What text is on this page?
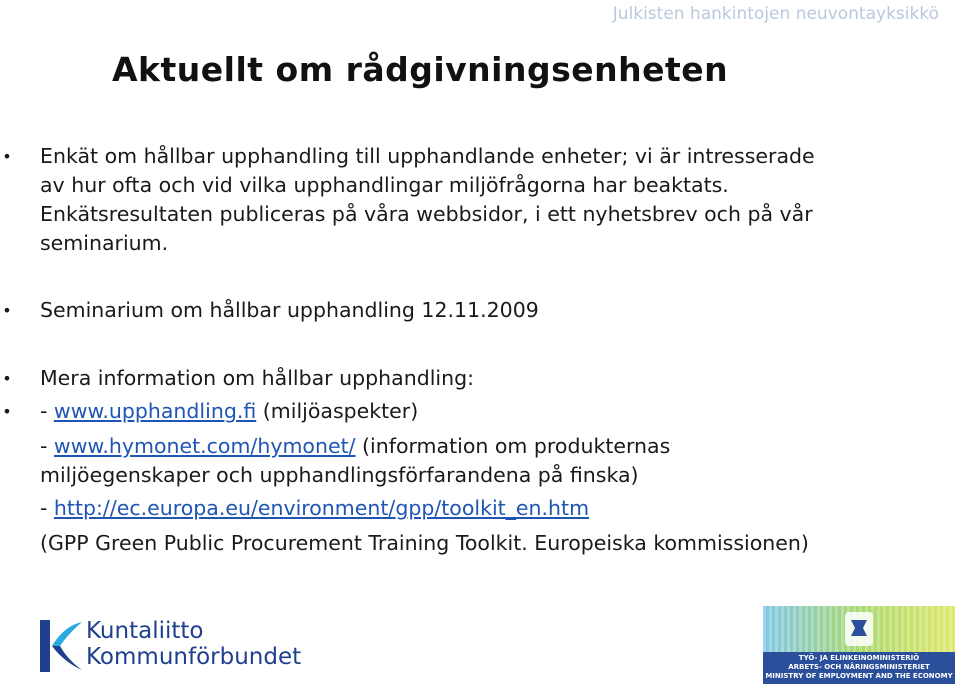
Julkisten hankintojen neuvontayksikkö
Aktuellt om rådgivningsenheten
• Enkät om hållbar upphandling till upphandlande enheter; vi är intresserade
av hur ofta och vid vilka upphandlingar miljöfrågorna har beaktats.
Enkätsresultaten publiceras på våra webbsidor, i ett nyhetsbrev och på vår
seminarium.
• Seminarium om hållbar upphandling 12.11.2009
• Mera information om hållbar upphandling:
• - www.upphandling.fi (miljöaspekter)
- www.hymonet.com/hymonet/ (information om produkternas
miljöegenskaper och upphandlingsförfarandena på finska)
- http://ec.europa.eu/environment/gpp/toolkit_en.htm
(GPP Green Public Procurement Training Toolkit. Europeiska kommissionen)
Kuntaliitto
Kommunförbundet	TYÖ- JA ELINKEINOMINISTERIÖ
ARBETS- OCH NÄRINGSMINISTERIET
MINISTRY OF EMPLOYMENT AND THE ECONOMY
